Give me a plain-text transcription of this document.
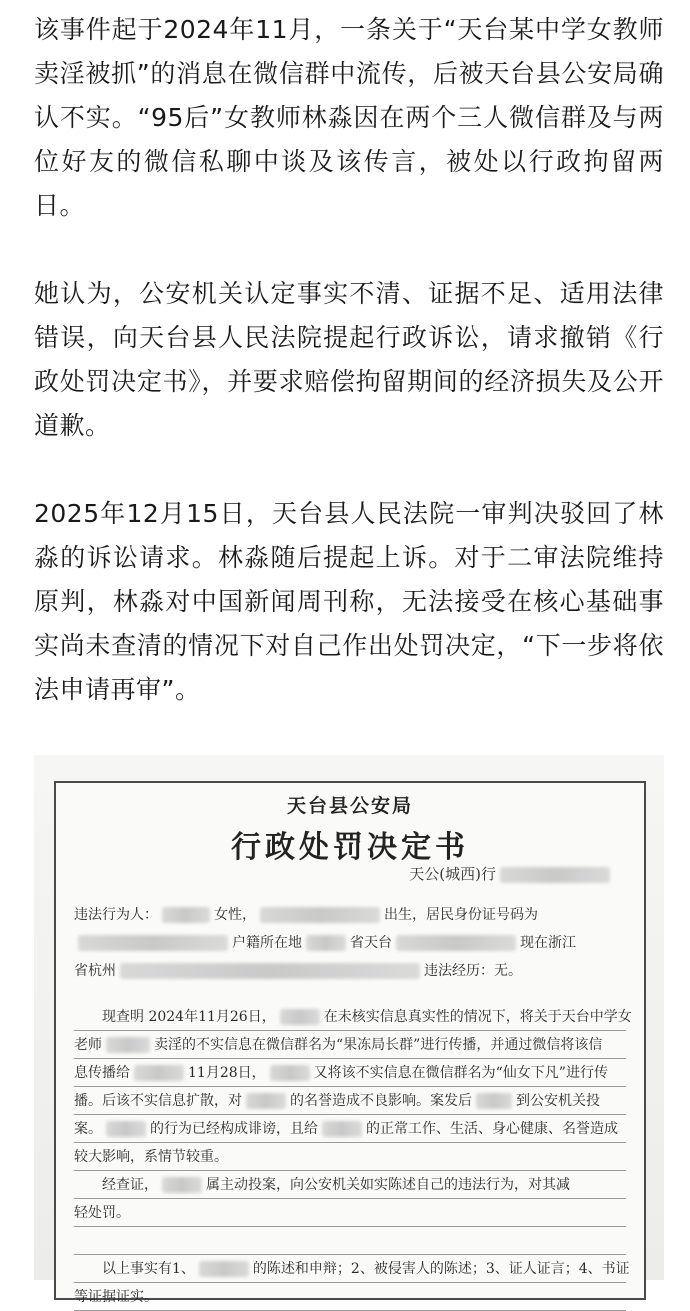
该事件起于2024年11月，一条关于“天台某中学女教师卖淫被抓”的消息在微信群中流传，后被天台县公安局确认不实。“95后”女教师林淼因在两个三人微信群及与两位好友的微信私聊中谈及该传言，被处以行政拘留两日。

她认为，公安机关认定事实不清、证据不足、适用法律错误，向天台县人民法院提起行政诉讼，请求撤销《行政处罚决定书》，并要求赔偿拘留期间的经济损失及公开道歉。

2025年12月15日，天台县人民法院一审判决驳回了林淼的诉讼请求。林淼随后提起上诉。对于二审法院维持原判，林淼对中国新闻周刊称，无法接受在核心基础事实尚未查清的情况下对自己作出处罚决定，“下一步将依法申请再审”。

天台县公安局
行政处罚决定书
天公(城西)行
违法行为人：	女性，	出生，居民身份证号码为
户籍所在地	省天台	现在浙江
省杭州	违法经历：无。
现查明 2024年11月26日，	在未核实信息真实性的情况下，将关于天台中学女
老师	卖淫的不实信息在微信群名为“果冻局长群”进行传播，并通过微信将该信
息传播给	11月28日，	又将该不实信息在微信群名为“仙女下凡”进行传
播。后该不实信息扩散，对	的名誉造成不良影响。案发后	到公安机关投
案。	的行为已经构成诽谤，且给	的正常工作、生活、身心健康、名誉造成
较大影响，系情节较重。
经查证，	属主动投案，向公安机关如实陈述自己的违法行为，对其减
轻处罚。
以上事实有1、	的陈述和申辩；2、被侵害人的陈述；3、证人证言；4、书证
等证据证实。
